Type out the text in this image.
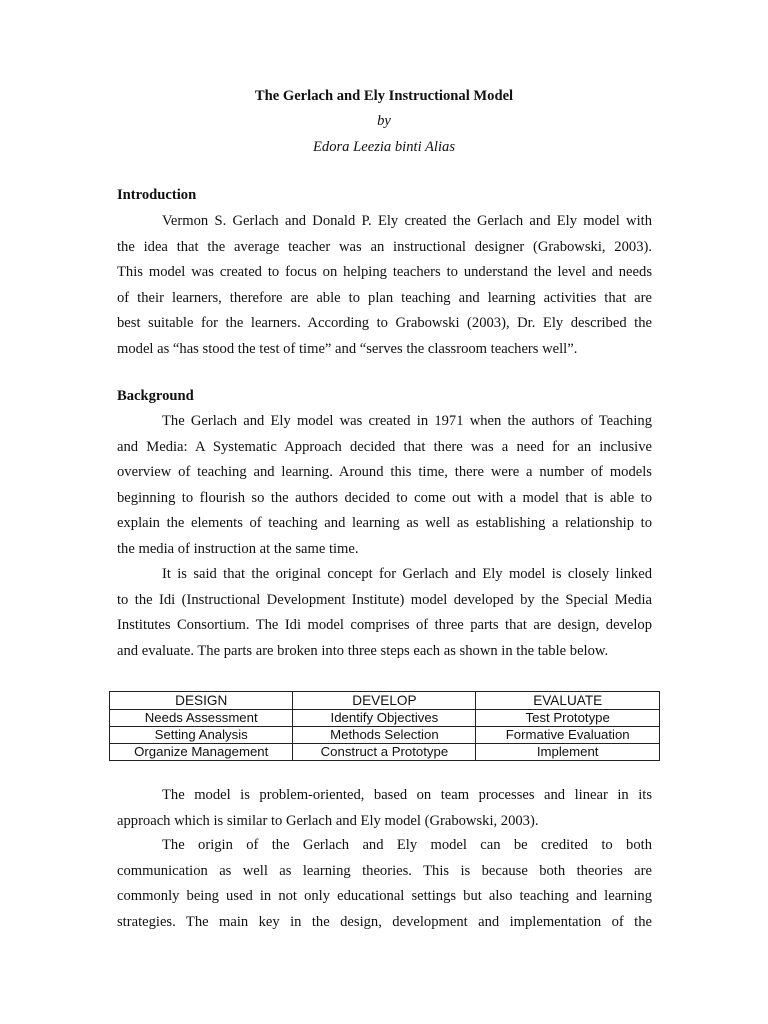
The Gerlach and Ely Instructional Model
by
Edora Leezia binti Alias
Introduction
Vermon S. Gerlach and Donald P. Ely created the Gerlach and Ely model with
the idea that the average teacher was an instructional designer (Grabowski, 2003).
This model was created to focus on helping teachers to understand the level and needs
of their learners, therefore are able to plan teaching and learning activities that are
best suitable for the learners. According to Grabowski (2003), Dr. Ely described the
model as “has stood the test of time” and “serves the classroom teachers well”.
Background
The Gerlach and Ely model was created in 1971 when the authors of Teaching
and Media: A Systematic Approach decided that there was a need for an inclusive
overview of teaching and learning. Around this time, there were a number of models
beginning to flourish so the authors decided to come out with a model that is able to
explain the elements of teaching and learning as well as establishing a relationship to
the media of instruction at the same time.
It is said that the original concept for Gerlach and Ely model is closely linked
to the Idi (Instructional Development Institute) model developed by the Special Media
Institutes Consortium. The Idi model comprises of three parts that are design, develop
and evaluate. The parts are broken into three steps each as shown in the table below.
DESIGN	DEVELOP	EVALUATE
Needs Assessment	Identify Objectives	Test Prototype
Setting Analysis	Methods Selection	Formative Evaluation
Organize Management	Construct a Prototype	Implement
The model is problem-oriented, based on team processes and linear in its
approach which is similar to Gerlach and Ely model (Grabowski, 2003).
The origin of the Gerlach and Ely model can be credited to both
communication as well as learning theories. This is because both theories are
commonly being used in not only educational settings but also teaching and learning
strategies. The main key in the design, development and implementation of the
